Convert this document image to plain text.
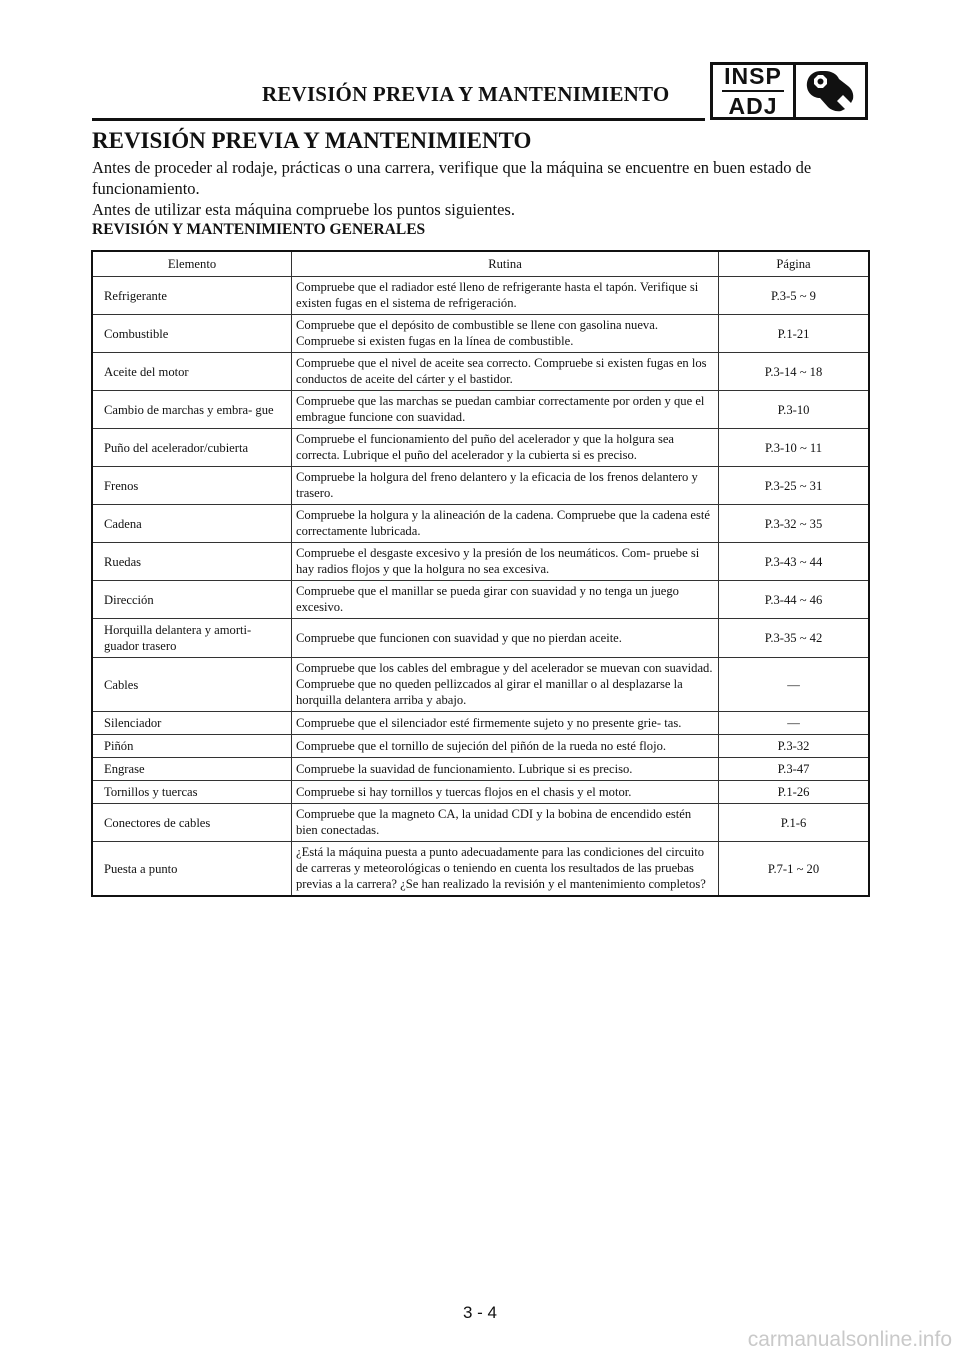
REVISIÓN PREVIA Y MANTENIMIENTO
INSP
ADJ
REVISIÓN PREVIA Y MANTENIMIENTO

Antes de proceder al rodaje, prácticas o una carrera, verifique que la máquina se encuentre en buen estado de funcionamiento.

Antes de utilizar esta máquina compruebe los puntos siguientes.

REVISIÓN Y MANTENIMIENTO GENERALES
Elemento	Rutina	Página
Refrigerante	Compruebe que el radiador esté lleno de refrigerante hasta el tapón. Verifique si existen fugas en el sistema de refrigeración.	P.3-5 ~ 9
Combustible	Compruebe que el depósito de combustible se llene con gasolina nueva. Compruebe si existen fugas en la línea de combustible.	P.1-21
Aceite del motor	Compruebe que el nivel de aceite sea correcto. Compruebe si existen fugas en los conductos de aceite del cárter y el bastidor.	P.3-14 ~ 18
Cambio de marchas y embra- gue	Compruebe que las marchas se puedan cambiar correctamente por orden y que el embrague funcione con suavidad.	P.3-10
Puño del acelerador/cubierta	Compruebe el funcionamiento del puño del acelerador y que la holgura sea correcta. Lubrique el puño del acelerador y la cubierta si es preciso.	P.3-10 ~ 11
Frenos	Compruebe la holgura del freno delantero y la eficacia de los frenos delantero y trasero.	P.3-25 ~ 31
Cadena	Compruebe la holgura y la alineación de la cadena. Compruebe que la cadena esté correctamente lubricada.	P.3-32 ~ 35
Ruedas	Compruebe el desgaste excesivo y la presión de los neumáticos. Com- pruebe si hay radios flojos y que la holgura no sea excesiva.	P.3-43 ~ 44
Dirección	Compruebe que el manillar se pueda girar con suavidad y no tenga un juego excesivo.	P.3-44 ~ 46
Horquilla delantera y amorti- guador trasero	Compruebe que funcionen con suavidad y que no pierdan aceite.	P.3-35 ~ 42
Cables	Compruebe que los cables del embrague y del acelerador se muevan con suavidad. Compruebe que no queden pellizcados al girar el manillar o al desplazarse la horquilla delantera arriba y abajo.	—
Silenciador	Compruebe que el silenciador esté firmemente sujeto y no presente grie- tas.	—
Piñón	Compruebe que el tornillo de sujeción del piñón de la rueda no esté flojo.	P.3-32
Engrase	Compruebe la suavidad de funcionamiento. Lubrique si es preciso.	P.3-47
Tornillos y tuercas	Compruebe si hay tornillos y tuercas flojos en el chasis y el motor.	P.1-26
Conectores de cables	Compruebe que la magneto CA, la unidad CDI y la bobina de encendido estén bien conectadas.	P.1-6
Puesta a punto	¿Está la máquina puesta a punto adecuadamente para las condiciones del circuito de carreras y meteorológicas o teniendo en cuenta los resultados de las pruebas previas a la carrera? ¿Se han realizado la revisión y el mantenimiento completos?	P.7-1 ~ 20
3 - 4
carmanualsonline.info
